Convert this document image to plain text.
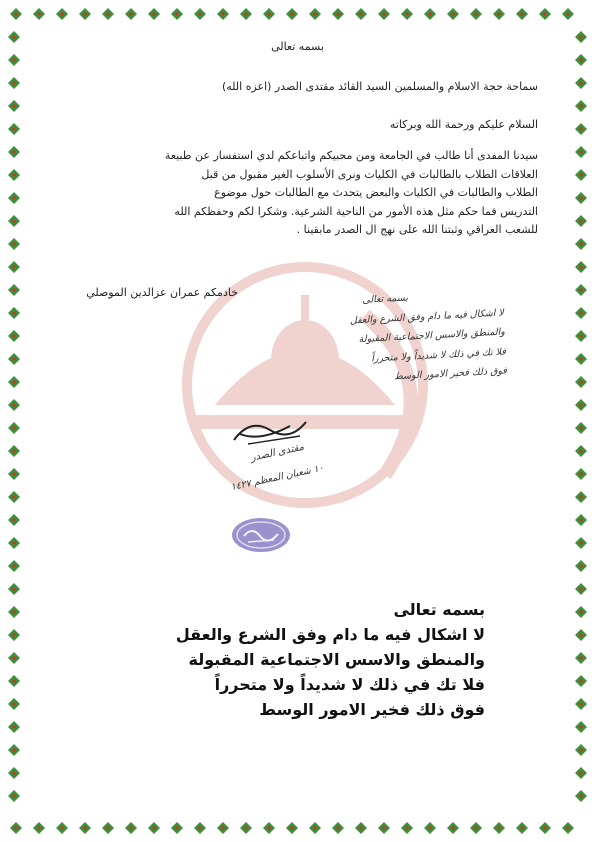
بسمه تعالى
سماحة حجة الاسلام والمسلمين السيد القائد مقتدى الصدر (اعزه الله)
السلام عليكم ورحمة الله وبركاته
سيدنا المفدى أنا طالب في الجامعة ومن محبيكم واتباعكم لدي استفسار عن طبيعة
العلاقات الطلاب بالطالبات في الكليات ونرى الأسلوب الغير مقبول من قبل
الطلاب والطالبات في الكليات والبعض يتحدث مع الطالبات حول موضوع
التدريس فما حكم مثل هذه الأمور من الناحية الشرعية. وشكرا لكم وحفظكم الله
للشعب العراقي وثبتنا الله على نهج ال الصدر مابقينا .
خادمكم عمران عزالدين الموصلي	بسمه تعالى
لا اشكال فيه ما دام وفق الشرع والعقل
والمنطق والاسس الاجتماعية المقبولة
فلا تك في ذلك لا شديداً ولا متحرراً
فوق ذلك فخير الامور الوسط
مقتدى الصدر
١٠ شعبان المعظم ١٤٢٧
بسمه تعالى
لا اشكال فيه ما دام وفق الشرع والعقل
والمنطق والاسس الاجتماعية المقبولة
فلا تك في ذلك لا شديداً ولا متحرراً
فوق ذلك فخير الامور الوسط
